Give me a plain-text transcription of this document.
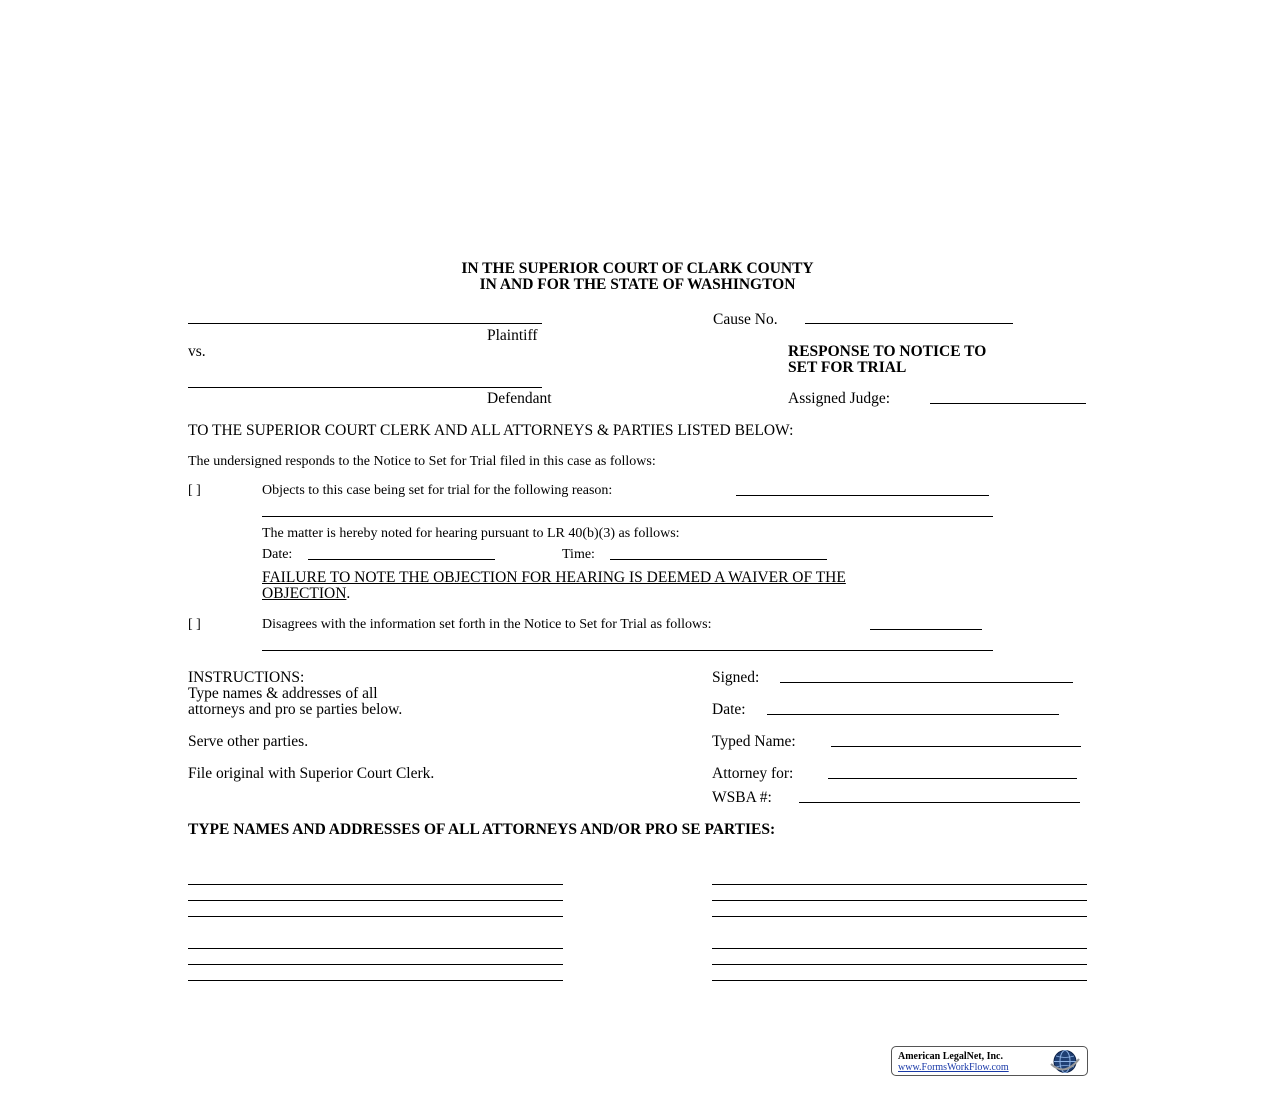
IN THE SUPERIOR COURT OF CLARK COUNTY
IN AND FOR THE STATE OF WASHINGTON
Plaintiff
vs.
Defendant
Cause No.
RESPONSE TO NOTICE TO
SET FOR TRIAL
Assigned Judge:
TO THE SUPERIOR COURT CLERK AND ALL ATTORNEYS & PARTIES LISTED BELOW:
The undersigned responds to the Notice to Set for Trial filed in this case as follows:
[ ]	Objects to this case being set for trial for the following reason:
The matter is hereby noted for hearing pursuant to LR 40(b)(3) as follows:
Date:	Time:
FAILURE TO NOTE THE OBJECTION FOR HEARING IS DEEMED A WAIVER OF THE
OBJECTION.
[ ]	Disagrees with the information set forth in the Notice to Set for Trial as follows:
INSTRUCTIONS:
Type names & addresses of all
attorneys and pro se parties below.
Serve other parties.
File original with Superior Court Clerk.
Signed:
Date:
Typed Name:
Attorney for:
WSBA #:
TYPE NAMES AND ADDRESSES OF ALL ATTORNEYS AND/OR PRO SE PARTIES:
American LegalNet, Inc.
www.FormsWorkFlow.com
